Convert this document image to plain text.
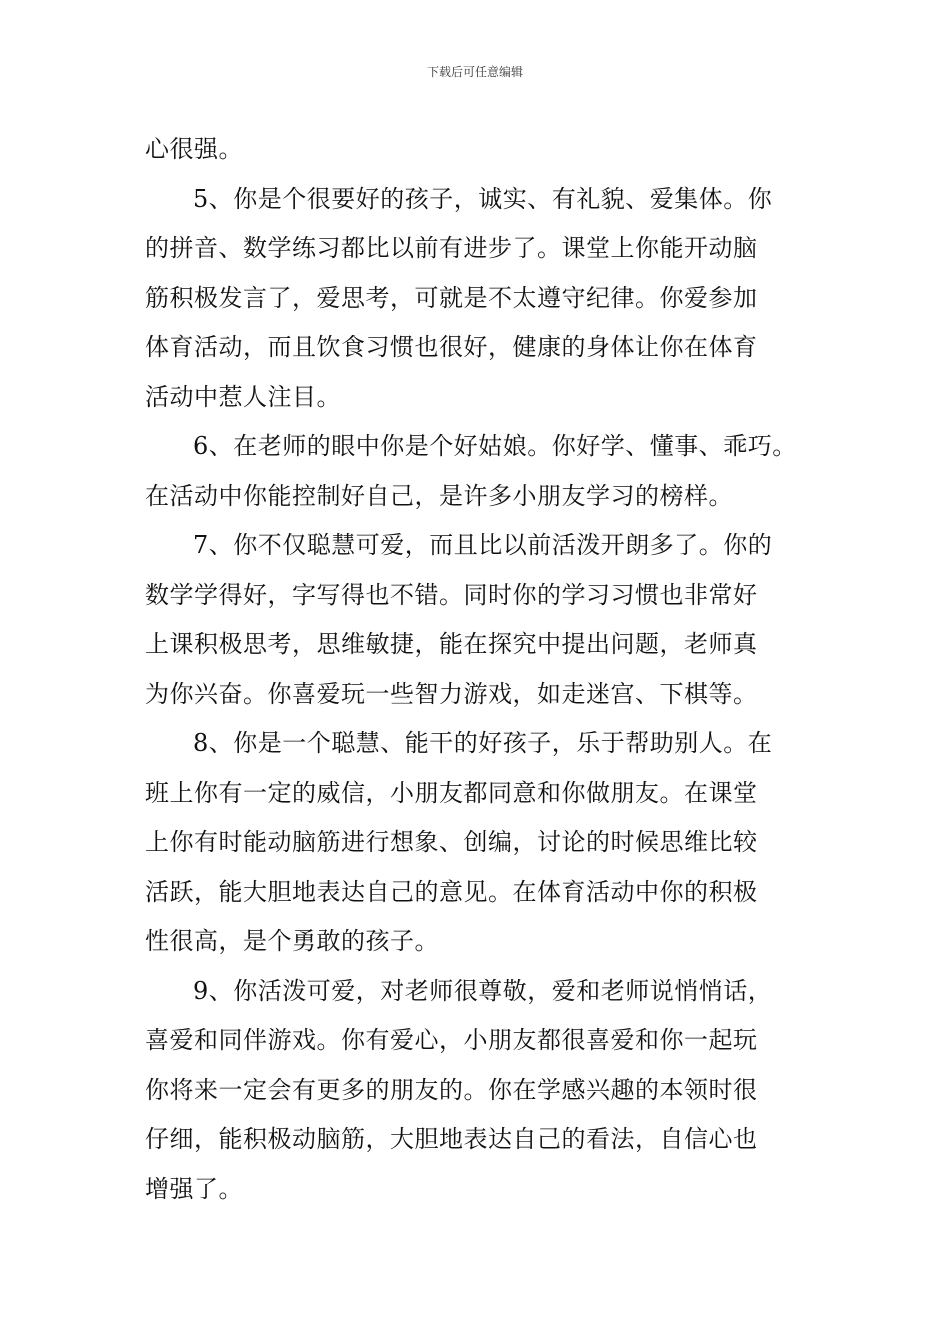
下载后可任意编辑
心很强。
5、你是个很要好的孩子，诚实、有礼貌、爱集体。你
的拼音、数学练习都比以前有进步了。课堂上你能开动脑
筋积极发言了，爱思考，可就是不太遵守纪律。你爱参加
体育活动，而且饮食习惯也很好，健康的身体让你在体育
活动中惹人注目。
6、在老师的眼中你是个好姑娘。你好学、懂事、乖巧。
在活动中你能控制好自己，是许多小朋友学习的榜样。
7、你不仅聪慧可爱，而且比以前活泼开朗多了。你的
数学学得好，字写得也不错。同时你的学习习惯也非常好
上课积极思考，思维敏捷，能在探究中提出问题，老师真
为你兴奋。你喜爱玩一些智力游戏，如走迷宫、下棋等。
8、你是一个聪慧、能干的好孩子，乐于帮助别人。在
班上你有一定的威信，小朋友都同意和你做朋友。在课堂
上你有时能动脑筋进行想象、创编，讨论的时候思维比较
活跃，能大胆地表达自己的意见。在体育活动中你的积极
性很高，是个勇敢的孩子。
9、你活泼可爱，对老师很尊敬，爱和老师说悄悄话，
喜爱和同伴游戏。你有爱心，小朋友都很喜爱和你一起玩
你将来一定会有更多的朋友的。你在学感兴趣的本领时很
仔细，能积极动脑筋，大胆地表达自己的看法，自信心也
增强了。
